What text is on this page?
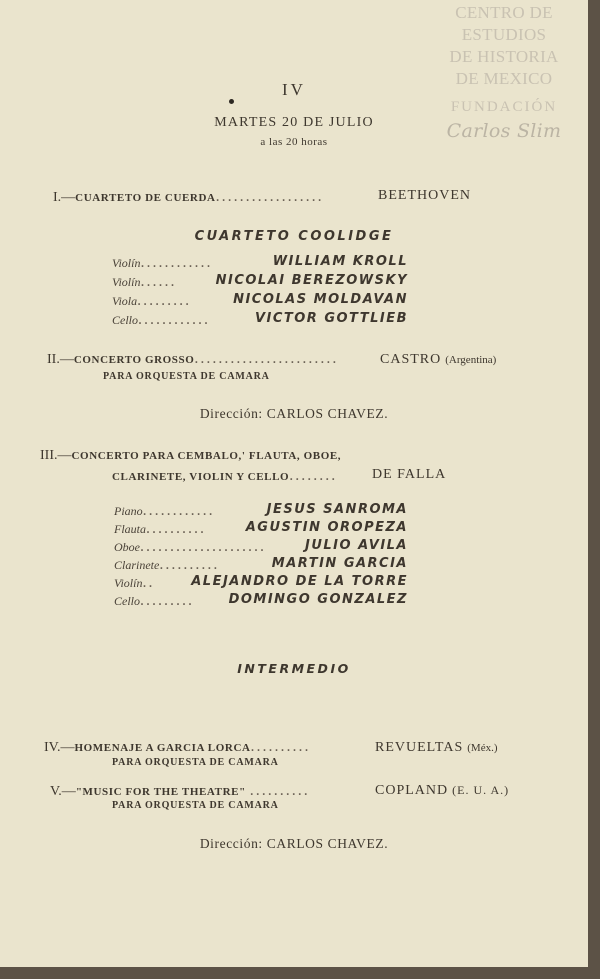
CENTRO DE
ESTUDIOS
DE HISTORIA
DE MEXICO
FUNDACIÓN
Carlos Slim
IV
MARTES 20 DE JULIO
a las 20 horas
I.—CUARTETO DE CUERDA..................	BEETHOVEN
CUARTETO COOLIDGE
Violín............	WILLIAM KROLL
Violín......	NICOLAI BEREZOWSKY
Viola.........	NICOLAS MOLDAVAN
Cello............	VICTOR GOTTLIEB
II.—CONCERTO GROSSO........................	CASTRO (Argentina)
PARA ORQUESTA DE CAMARA
Dirección: CARLOS CHAVEZ.
III.—CONCERTO PARA CEMBALO,' FLAUTA, OBOE,
CLARINETE, VIOLIN Y CELLO........ DE FALLA
Piano............	JESUS SANROMA
Flauta..........	AGUSTIN OROPEZA
Oboe.....................	JULIO AVILA
Clarinete..........	MARTIN GARCIA
Violín..	ALEJANDRO DE LA TORRE
Cello.........	DOMINGO GONZALEZ
INTERMEDIO
IV.—HOMENAJE A GARCIA LORCA..........	REVUELTAS (Méx.)
PARA ORQUESTA DE CAMARA
V.—"MUSIC FOR THE THEATRE" ..........	COPLAND (E. U. A.)
PARA ORQUESTA DE CAMARA
Dirección: CARLOS CHAVEZ.
